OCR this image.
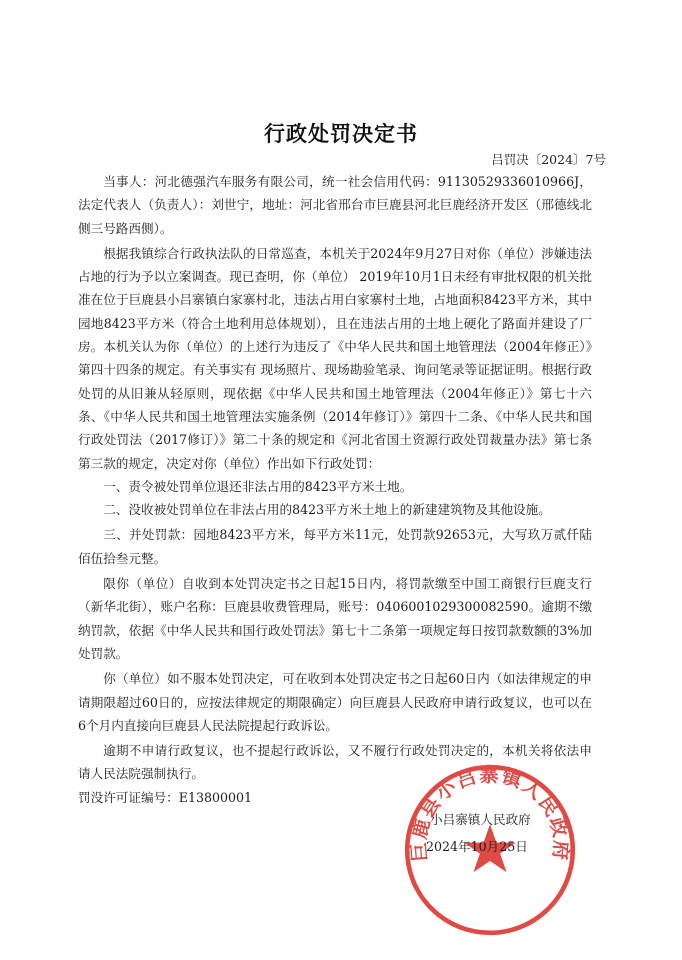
行政处罚决定书
吕罚决〔2024〕7号

当事人：河北德强汽车服务有限公司，统一社会信用代码：91130529336010966J，法定代表人（负责人）：刘世宁，地址：河北省邢台市巨鹿县河北巨鹿经济开发区（邢德线北侧三号路西侧）。

根据我镇综合行政执法队的日常巡查，本机关于2024年9月27日对你（单位）涉嫌违法占地的行为予以立案调查。现已查明，你（单位） 2019年10月1日未经有审批权限的机关批准在位于巨鹿县小吕寨镇白家寨村北，违法占用白家寨村土地，占地面积8423平方米，其中园地8423平方米（符合土地利用总体规划），且在违法占用的土地上硬化了路面并建设了厂房。本机关认为你（单位）的上述行为违反了《中华人民共和国土地管理法（2004年修正）》第四十四条的规定。有关事实有 现场照片、现场勘验笔录、询问笔录等证据证明。根据行政处罚的从旧兼从轻原则，现依据《中华人民共和国土地管理法（2004年修正）》第七十六条、《中华人民共和国土地管理法实施条例（2014年修订）》第四十二条、《中华人民共和国行政处罚法（2017修订）》第二十条的规定和《河北省国土资源行政处罚裁量办法》第七条第三款的规定，决定对你（单位）作出如下行政处罚：

一、责令被处罚单位退还非法占用的8423平方米土地。

二、没收被处罚单位在非法占用的8423平方米土地上的新建建筑物及其他设施。

三、并处罚款：园地8423平方米，每平方米11元，处罚款92653元，大写玖万贰仟陆佰伍拾叁元整。

限你（单位）自收到本处罚决定书之日起15日内，将罚款缴至中国工商银行巨鹿支行（新华北街），账户名称：巨鹿县收费管理局，账号：0406001029300082590。逾期不缴纳罚款，依据《中华人民共和国行政处罚法》第七十二条第一项规定每日按罚款数额的3%加处罚款。

你（单位）如不服本处罚决定，可在收到本处罚决定书之日起60日内（如法律规定的申请期限超过60日的，应按法律规定的期限确定）向巨鹿县人民政府申请行政复议，也可以在6个月内直接向巨鹿县人民法院提起行政诉讼。

逾期不申请行政复议，也不提起行政诉讼，又不履行行政处罚决定的，本机关将依法申请人民法院强制执行。

罚没许可证编号：E13800001

巨鹿县小吕寨镇人民政府
小吕寨镇人民政府
2024年10月25日
